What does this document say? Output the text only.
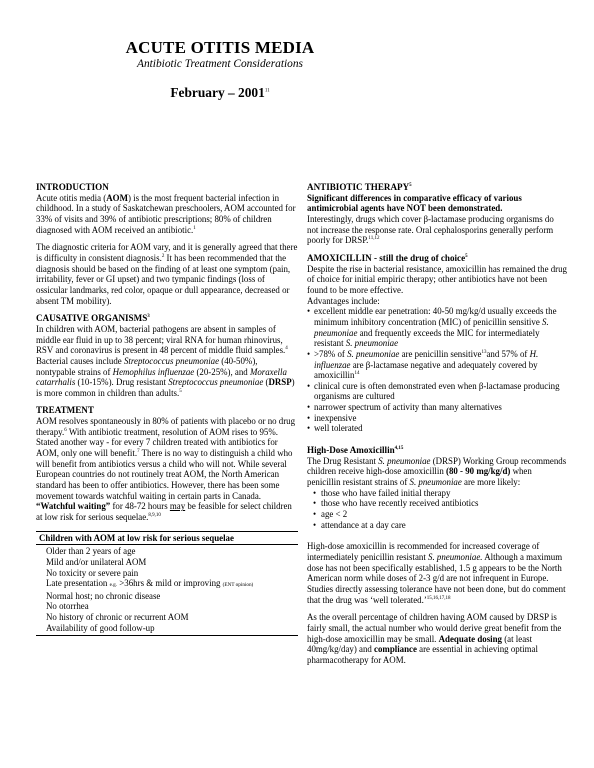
ACUTE OTITIS MEDIA
Antibiotic Treatment Considerations
February – 2001$^{11}$

INTRODUCTION

Acute otitis media (AOM) is the most frequent bacterial infection in childhood. In a study of Saskatchewan preschoolers, AOM accounted for 33% of visits and 39% of antibiotic prescriptions; 80% of children diagnosed with AOM received an antibiotic.$^1$

The diagnostic criteria for AOM vary, and it is generally agreed that there is difficulty in consistent diagnosis.$^2$ It has been recommended that the diagnosis should be based on the finding of at least one symptom (pain, irritability, fever or GI upset) and two tympanic findings (loss of ossicular landmarks, red color, opaque or dull appearance, decreased or absent TM mobility).

CAUSATIVE ORGANISMS$^3$

In children with AOM, bacterial pathogens are absent in samples of middle ear fluid in up to 38 percent; viral RNA for human rhinovirus, RSV and coronavirus is present in 48 percent of middle fluid samples.$^4$ Bacterial causes include Streptococcus pneumoniae (40-50%), nontypable strains of Hemophilus influenzae (20-25%), and Moraxella catarrhalis (10-15%). Drug resistant Streptococcus pneumoniae (DRSP) is more common in children than adults.$^5$

TREATMENT

AOM resolves spontaneously in 80% of patients with placebo or no drug therapy.$^6$ With antibiotic treatment, resolution of AOM rises to 95%. Stated another way - for every 7 children treated with antibiotics for AOM, only one will benefit.$^7$ There is no way to distinguish a child who will benefit from antibiotics versus a child who will not. While several European countries do not routinely treat AOM, the North American standard has been to offer antibiotics. However, there has been some movement towards watchful waiting in certain parts in Canada. “Watchful waiting” for 48-72 hours may be feasible for select children at low risk for serious sequelae.$^{8,9,10}$

Children with AOM at low risk for serious sequelae
Older than 2 years of age
Mild and/or unilateral AOM
No toxicity or severe pain
Late presentation e.g. >36hrs & mild or improving (ENT opinion)
Normal host; no chronic disease
No otorrhea
No history of chronic or recurrent AOM
Availability of good follow-up

ANTIBIOTIC THERAPY$^5$

Significant differences in comparative efficacy of various antimicrobial agents have NOT been demonstrated.

Interestingly, drugs which cover β-lactamase producing organisms do not increase the response rate. Oral cephalosporins generally perform poorly for DRSP.$^{11,12}$

AMOXICILLIN - still the drug of choice$^5$

Despite the rise in bacterial resistance, amoxicillin has remained the drug of choice for initial empiric therapy; other antibiotics have not been found to be more effective.

Advantages include:

• excellent middle ear penetration: 40-50 mg/kg/d usually exceeds the minimum inhibitory concentration (MIC) of penicillin sensitive S. pneumoniae and frequently exceeds the MIC for intermediately resistant S. pneumoniae
• >78% of S. pneumoniae are penicillin sensitive$^{13}$and 57% of H. influenzae are β-lactamase negative and adequately covered by amoxicillin$^{14}$
• clinical cure is often demonstrated even when β-lactamase producing organisms are cultured
• narrower spectrum of activity than many alternatives
• inexpensive
• well tolerated

High-Dose Amoxicillin$^{4,15}$

The Drug Resistant S. pneumoniae (DRSP) Working Group recommends children receive high-dose amoxicillin (80 - 90 mg/kg/d) when penicillin resistant strains of S. pneumoniae are more likely:

• those who have failed initial therapy
• those who have recently received antibiotics
• age < 2
• attendance at a day care

High-dose amoxicillin is recommended for increased coverage of intermediately penicillin resistant S. pneumoniae. Although a maximum dose has not been specifically established, 1.5 g appears to be the North American norm while doses of 2-3 g/d are not infrequent in Europe. Studies directly assessing tolerance have not been done, but do comment that the drug was ‘well tolerated.’$^{15,16,17,18}$

As the overall percentage of children having AOM caused by DRSP is fairly small, the actual number who would derive great benefit from the high-dose amoxicillin may be small. Adequate dosing (at least 40mg/kg/day) and compliance are essential in achieving optimal pharmacotherapy for AOM.
